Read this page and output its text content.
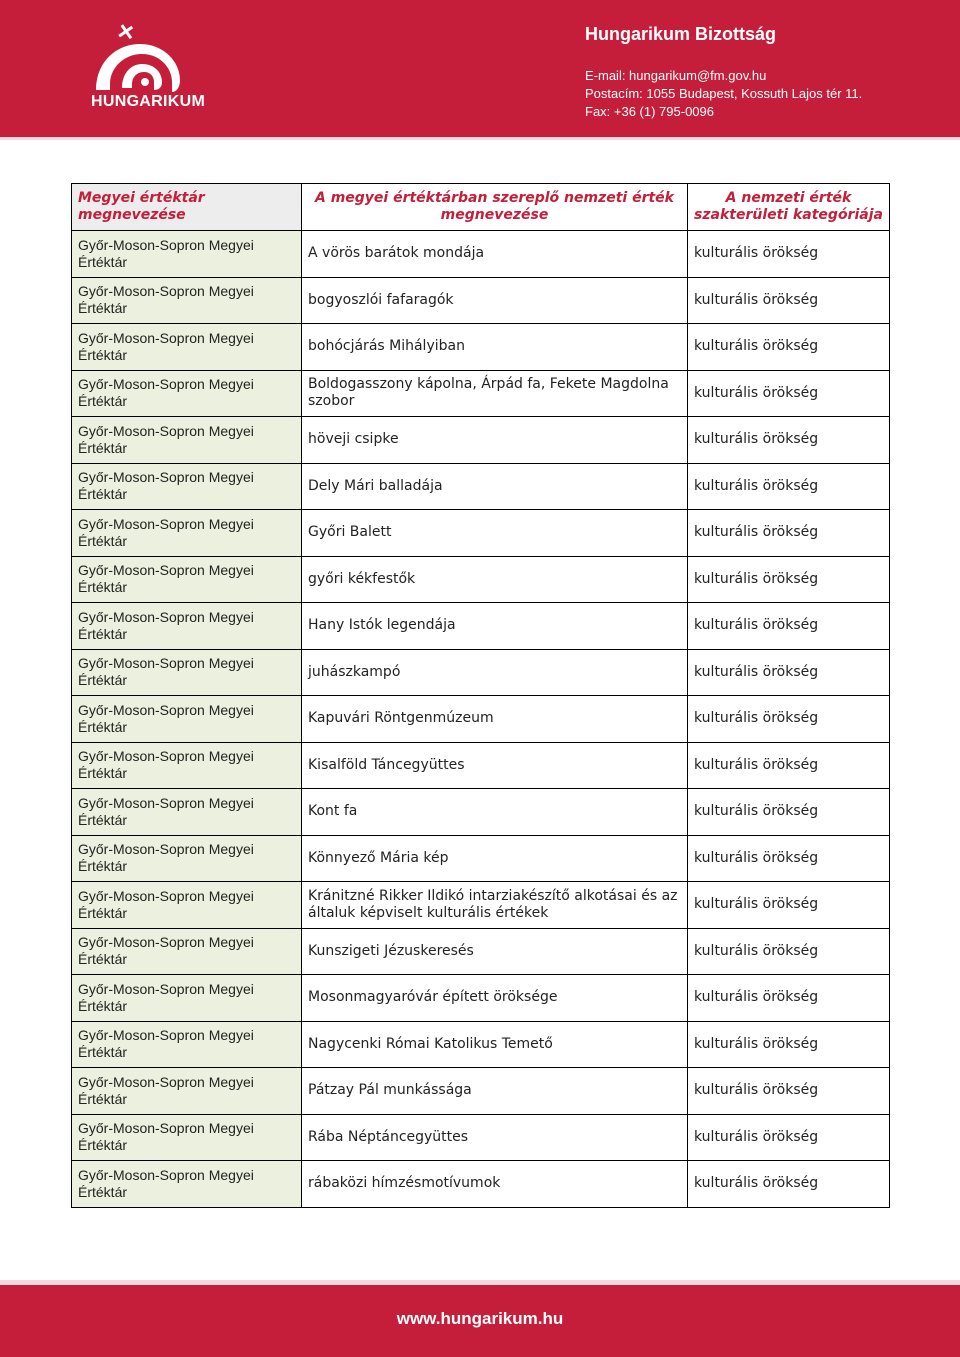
HUNGARIKUM
Hungarikum Bizottság
E-mail: hungarikum@fm.gov.hu
Postacím: 1055 Budapest, Kossuth Lajos tér 11.
Fax: +36 (1) 795-0096
Megyei értéktár megnevezése	A megyei értéktárban szereplő nemzeti érték megnevezése	A nemzeti érték szakterületi kategóriája
Győr-Moson-Sopron Megyei Értéktár	A vörös barátok mondája	kulturális örökség
Győr-Moson-Sopron Megyei Értéktár	bogyoszlói fafaragók	kulturális örökség
Győr-Moson-Sopron Megyei Értéktár	bohócjárás Mihályiban	kulturális örökség
Győr-Moson-Sopron Megyei Értéktár	Boldogasszony kápolna, Árpád fa, Fekete Magdolna szobor	kulturális örökség
Győr-Moson-Sopron Megyei Értéktár	höveji csipke	kulturális örökség
Győr-Moson-Sopron Megyei Értéktár	Dely Mári balladája	kulturális örökség
Győr-Moson-Sopron Megyei Értéktár	Győri Balett	kulturális örökség
Győr-Moson-Sopron Megyei Értéktár	győri kékfestők	kulturális örökség
Győr-Moson-Sopron Megyei Értéktár	Hany Istók legendája	kulturális örökség
Győr-Moson-Sopron Megyei Értéktár	juhászkampó	kulturális örökség
Győr-Moson-Sopron Megyei Értéktár	Kapuvári Röntgenmúzeum	kulturális örökség
Győr-Moson-Sopron Megyei Értéktár	Kisalföld Táncegyüttes	kulturális örökség
Győr-Moson-Sopron Megyei Értéktár	Kont fa	kulturális örökség
Győr-Moson-Sopron Megyei Értéktár	Könnyező Mária kép	kulturális örökség
Győr-Moson-Sopron Megyei Értéktár	Kránitzné Rikker Ildikó intarziakészítő alkotásai és az általuk képviselt kulturális értékek	kulturális örökség
Győr-Moson-Sopron Megyei Értéktár	Kunszigeti Jézuskeresés	kulturális örökség
Győr-Moson-Sopron Megyei Értéktár	Mosonmagyaróvár épített öröksége	kulturális örökség
Győr-Moson-Sopron Megyei Értéktár	Nagycenki Római Katolikus Temető	kulturális örökség
Győr-Moson-Sopron Megyei Értéktár	Pátzay Pál munkássága	kulturális örökség
Győr-Moson-Sopron Megyei Értéktár	Rába Néptáncegyüttes	kulturális örökség
Győr-Moson-Sopron Megyei Értéktár	rábaközi hímzésmotívumok	kulturális örökség
www.hungarikum.hu
